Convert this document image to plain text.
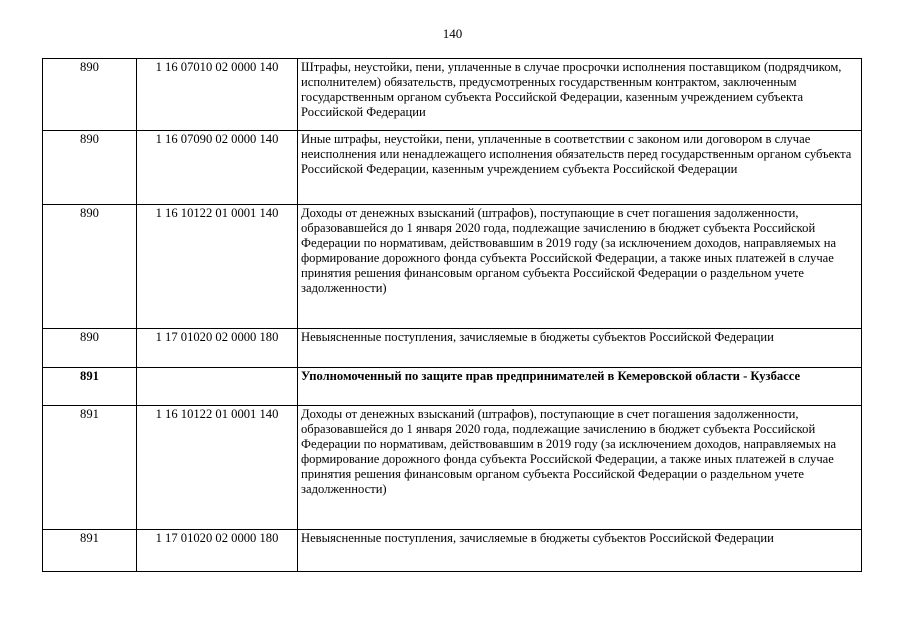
140
890	1 16 07010 02 0000 140	Штрафы, неустойки, пени, уплаченные в случае просрочки исполнения поставщиком (подрядчиком, исполнителем) обязательств, предусмотренных государственным контрактом, заключенным государственным органом субъекта Российской Федерации, казенным учреждением субъекта Российской Федерации
890	1 16 07090 02 0000 140	Иные штрафы, неустойки, пени, уплаченные в соответствии с законом или договором в случае неисполнения или ненадлежащего исполнения обязательств перед государственным органом субъекта Российской Федерации, казенным учреждением субъекта Российской Федерации
890	1 16 10122 01 0001 140	Доходы от денежных взысканий (штрафов), поступающие в счет погашения задолженности, образовавшейся до 1 января 2020 года, подлежащие зачислению в бюджет субъекта Российской Федерации по нормативам, действовавшим в 2019 году (за исключением доходов, направляемых на формирование дорожного фонда субъекта Российской Федерации, а также иных платежей в случае принятия решения финансовым органом субъекта Российской Федерации о раздельном учете задолженности)
890	1 17 01020 02 0000 180	Невыясненные поступления, зачисляемые в бюджеты субъектов Российской Федерации
891		Уполномоченный по защите прав предпринимателей в Кемеровской области - Кузбассе
891	1 16 10122 01 0001 140	Доходы от денежных взысканий (штрафов), поступающие в счет погашения задолженности, образовавшейся до 1 января 2020 года, подлежащие зачислению в бюджет субъекта Российской Федерации по нормативам, действовавшим в 2019 году (за исключением доходов, направляемых на формирование дорожного фонда субъекта Российской Федерации, а также иных платежей в случае принятия решения финансовым органом субъекта Российской Федерации о раздельном учете задолженности)
891	1 17 01020 02 0000 180	Невыясненные поступления, зачисляемые в бюджеты субъектов Российской Федерации
